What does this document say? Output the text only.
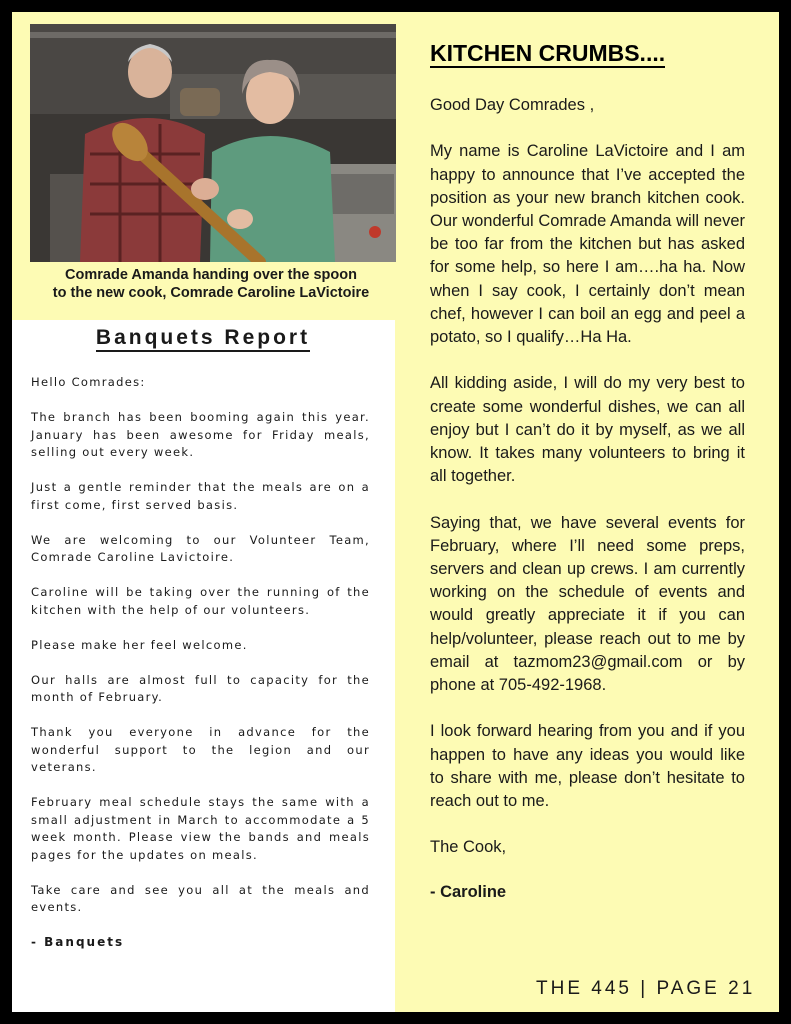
Comrade Amanda handing over the spoon
to the new cook, Comrade Caroline LaVictoire
Banquets Report

Hello Comrades:

The branch has been booming again this year. January has been awesome for Friday meals, selling out every week.

Just a gentle reminder that the meals are on a first come, first served basis.

We are welcoming to our Volunteer Team, Comrade Caroline Lavictoire.

Caroline will be taking over the running of the kitchen with the help of our volunteers.

Please make her feel welcome.

Our halls are almost full to capacity for the month of February.

Thank you everyone in advance for the wonderful support to the legion and our veterans.

February meal schedule stays the same with a small adjustment in March to accommodate a 5 week month. Please view the bands and meals pages for the updates on meals.

Take care and see you all at the meals and events.

- Banquets

KITCHEN CRUMBS....

Good Day Comrades ,

My name is Caroline LaVictoire and I am happy to announce that I’ve accepted the position as your new branch kitchen cook. Our wonderful Comrade Amanda will never be too far from the kitchen but has asked for some help, so here I am….ha ha. Now when I say cook, I certainly don’t mean chef, however I can boil an egg and peel a potato, so I qualify…Ha Ha.

All kidding aside, I will do my very best to create some wonderful dishes, we can all enjoy but I can’t do it by myself, as we all know. It takes many volunteers to bring it all together.

Saying that, we have several events for February, where I’ll need some preps, servers and clean up crews. I am currently working on the schedule of events and would greatly appreciate it if you can help/volunteer, please reach out to me by email at tazmom23@gmail.com or by phone at 705-492-1968.

I look forward hearing from you and if you happen to have any ideas you would like to share with me, please don’t hesitate to reach out to me.

The Cook,

- Caroline

THE 445 | PAGE 21
